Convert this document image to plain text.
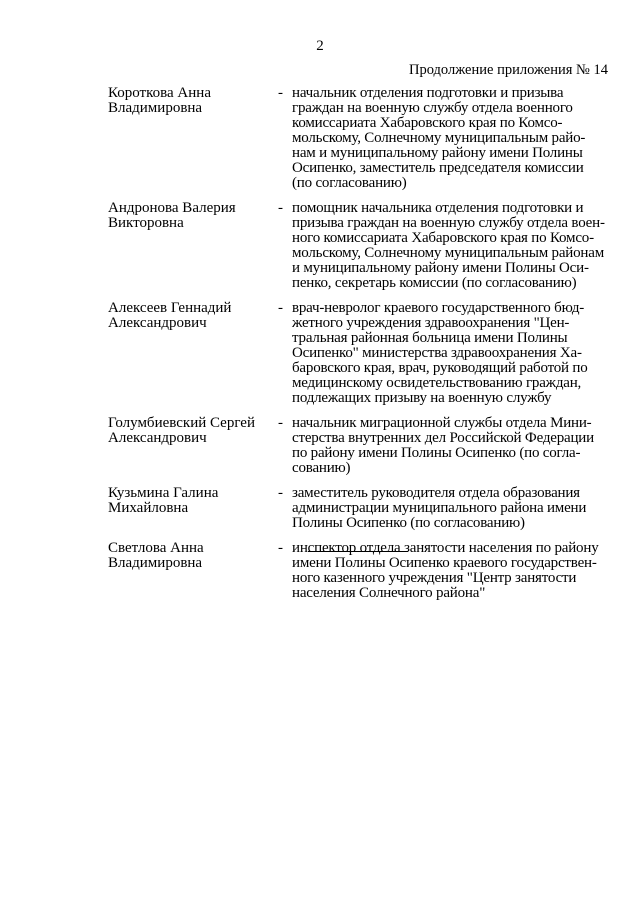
2
Продолжение приложения № 14
Короткова Анна
Владимировна
- начальник отделения подготовки и призыва
граждан на военную службу отдела военного
комиссариата Хабаровского края по Комсо-
мольскому, Солнечному муниципальным райо-
нам и муниципальному району имени Полины
Осипенко, заместитель председателя комиссии
(по согласованию)
Андронова Валерия
Викторовна
- помощник начальника отделения подготовки и
призыва граждан на военную службу отдела воен-
ного комиссариата Хабаровского края по Комсо-
мольскому, Солнечному муниципальным районам
и муниципальному району имени Полины Оси-
пенко, секретарь комиссии (по согласованию)
Алексеев Геннадий
Александрович
- врач-невролог краевого государственного бюд-
жетного учреждения здравоохранения "Цен-
тральная районная больница имени Полины
Осипенко" министерства здравоохранения Ха-
баровского края, врач, руководящий работой по
медицинскому освидетельствованию граждан,
подлежащих призыву на военную службу
Голумбиевский Сергей
Александрович
- начальник миграционной службы отдела Мини-
стерства внутренних дел Российской Федерации
по району имени Полины Осипенко (по согла-
сованию)
Кузьмина Галина
Михайловна
- заместитель руководителя отдела образования
администрации муниципального района имени
Полины Осипенко (по согласованию)
Светлова Анна
Владимировна
- инспектор отдела занятости населения по району
имени Полины Осипенко краевого государствен-
ного казенного учреждения "Центр занятости
населения Солнечного района"
